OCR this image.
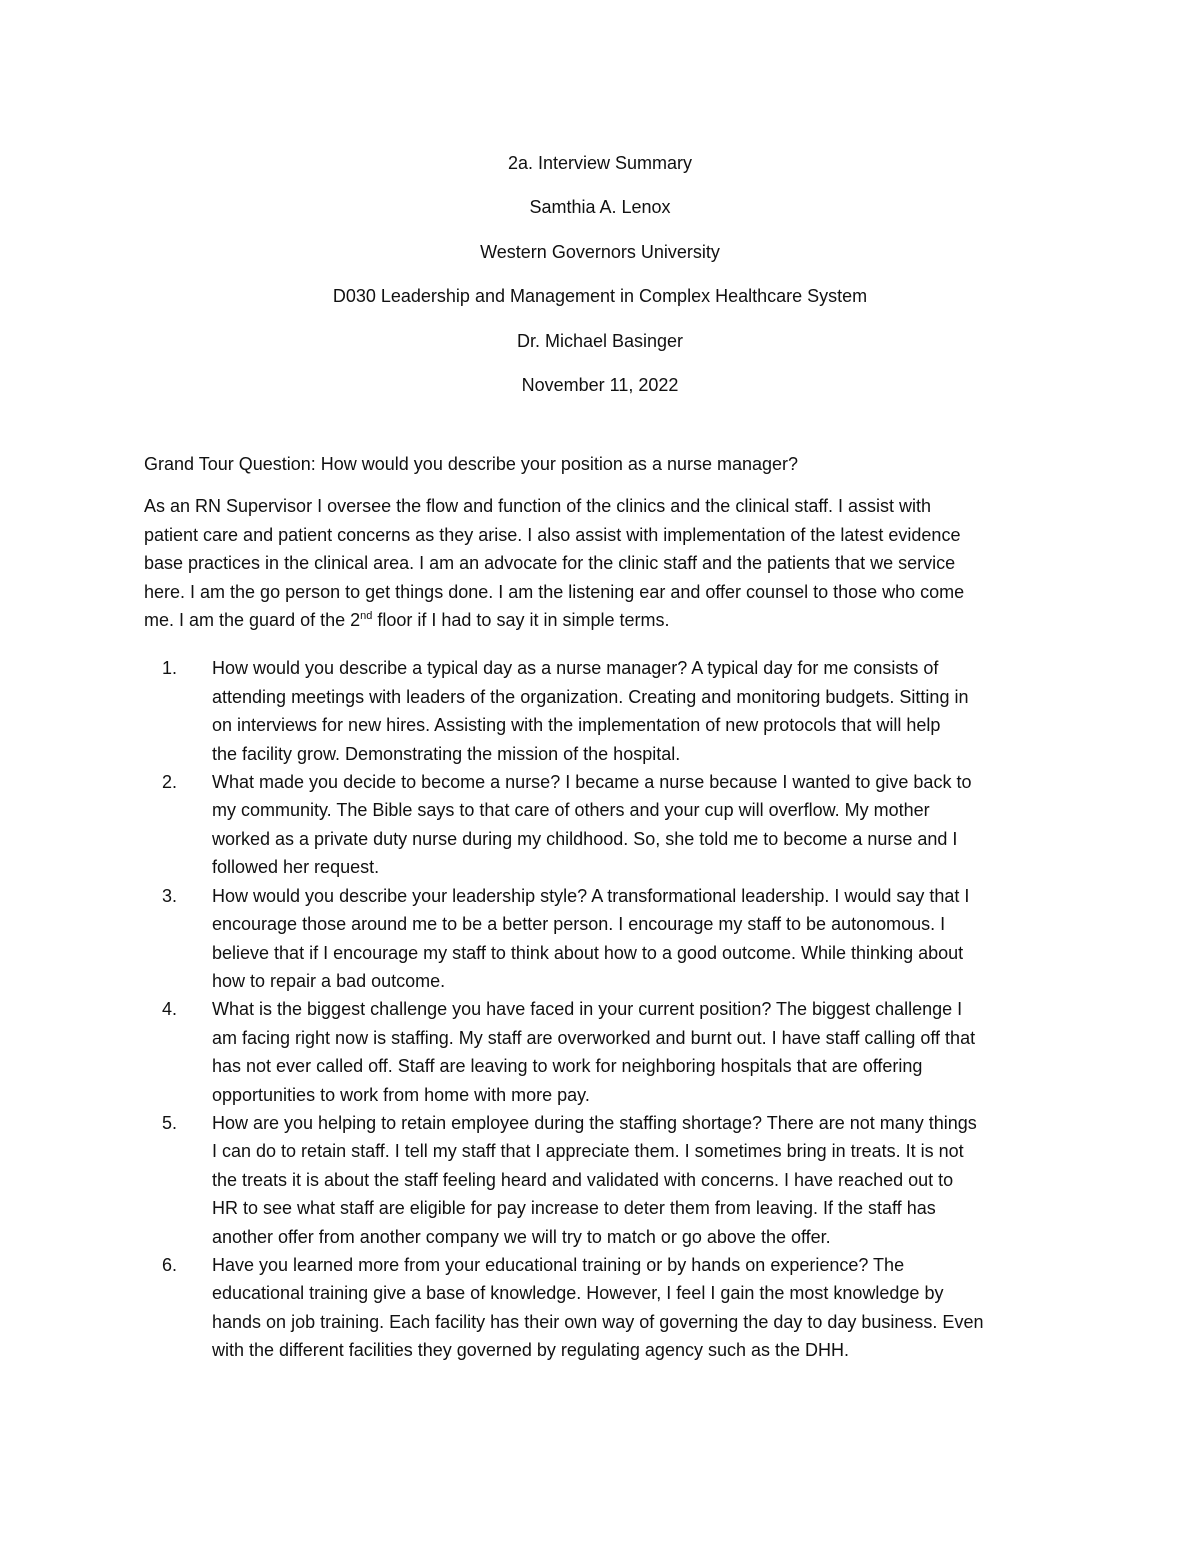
2a. Interview Summary

Samthia A. Lenox

Western Governors University

D030 Leadership and Management in Complex Healthcare System

Dr. Michael Basinger

November 11, 2022

Grand Tour Question: How would you describe your position as a nurse manager?

As an RN Supervisor I oversee the flow and function of the clinics and the clinical staff. I assist with
patient care and patient concerns as they arise. I also assist with implementation of the latest evidence
base practices in the clinical area. I am an advocate for the clinic staff and the patients that we service
here. I am the go person to get things done. I am the listening ear and offer counsel to those who come
me. I am the guard of the 2nd floor if I had to say it in simple terms.

1.	How would you describe a typical day as a nurse manager? A typical day for me consists of
attending meetings with leaders of the organization. Creating and monitoring budgets. Sitting in
on interviews for new hires. Assisting with the implementation of new protocols that will help
the facility grow. Demonstrating the mission of the hospital.
2.	What made you decide to become a nurse? I became a nurse because I wanted to give back to
my community. The Bible says to that care of others and your cup will overflow. My mother
worked as a private duty nurse during my childhood. So, she told me to become a nurse and I
followed her request.
3.	How would you describe your leadership style? A transformational leadership. I would say that I
encourage those around me to be a better person. I encourage my staff to be autonomous. I
believe that if I encourage my staff to think about how to a good outcome. While thinking about
how to repair a bad outcome.
4.	What is the biggest challenge you have faced in your current position? The biggest challenge I
am facing right now is staffing. My staff are overworked and burnt out. I have staff calling off that
has not ever called off. Staff are leaving to work for neighboring hospitals that are offering
opportunities to work from home with more pay.
5.	How are you helping to retain employee during the staffing shortage? There are not many things
I can do to retain staff. I tell my staff that I appreciate them. I sometimes bring in treats. It is not
the treats it is about the staff feeling heard and validated with concerns. I have reached out to
HR to see what staff are eligible for pay increase to deter them from leaving. If the staff has
another offer from another company we will try to match or go above the offer.
6.	Have you learned more from your educational training or by hands on experience? The
educational training give a base of knowledge. However, I feel I gain the most knowledge by
hands on job training. Each facility has their own way of governing the day to day business. Even
with the different facilities they governed by regulating agency such as the DHH.
